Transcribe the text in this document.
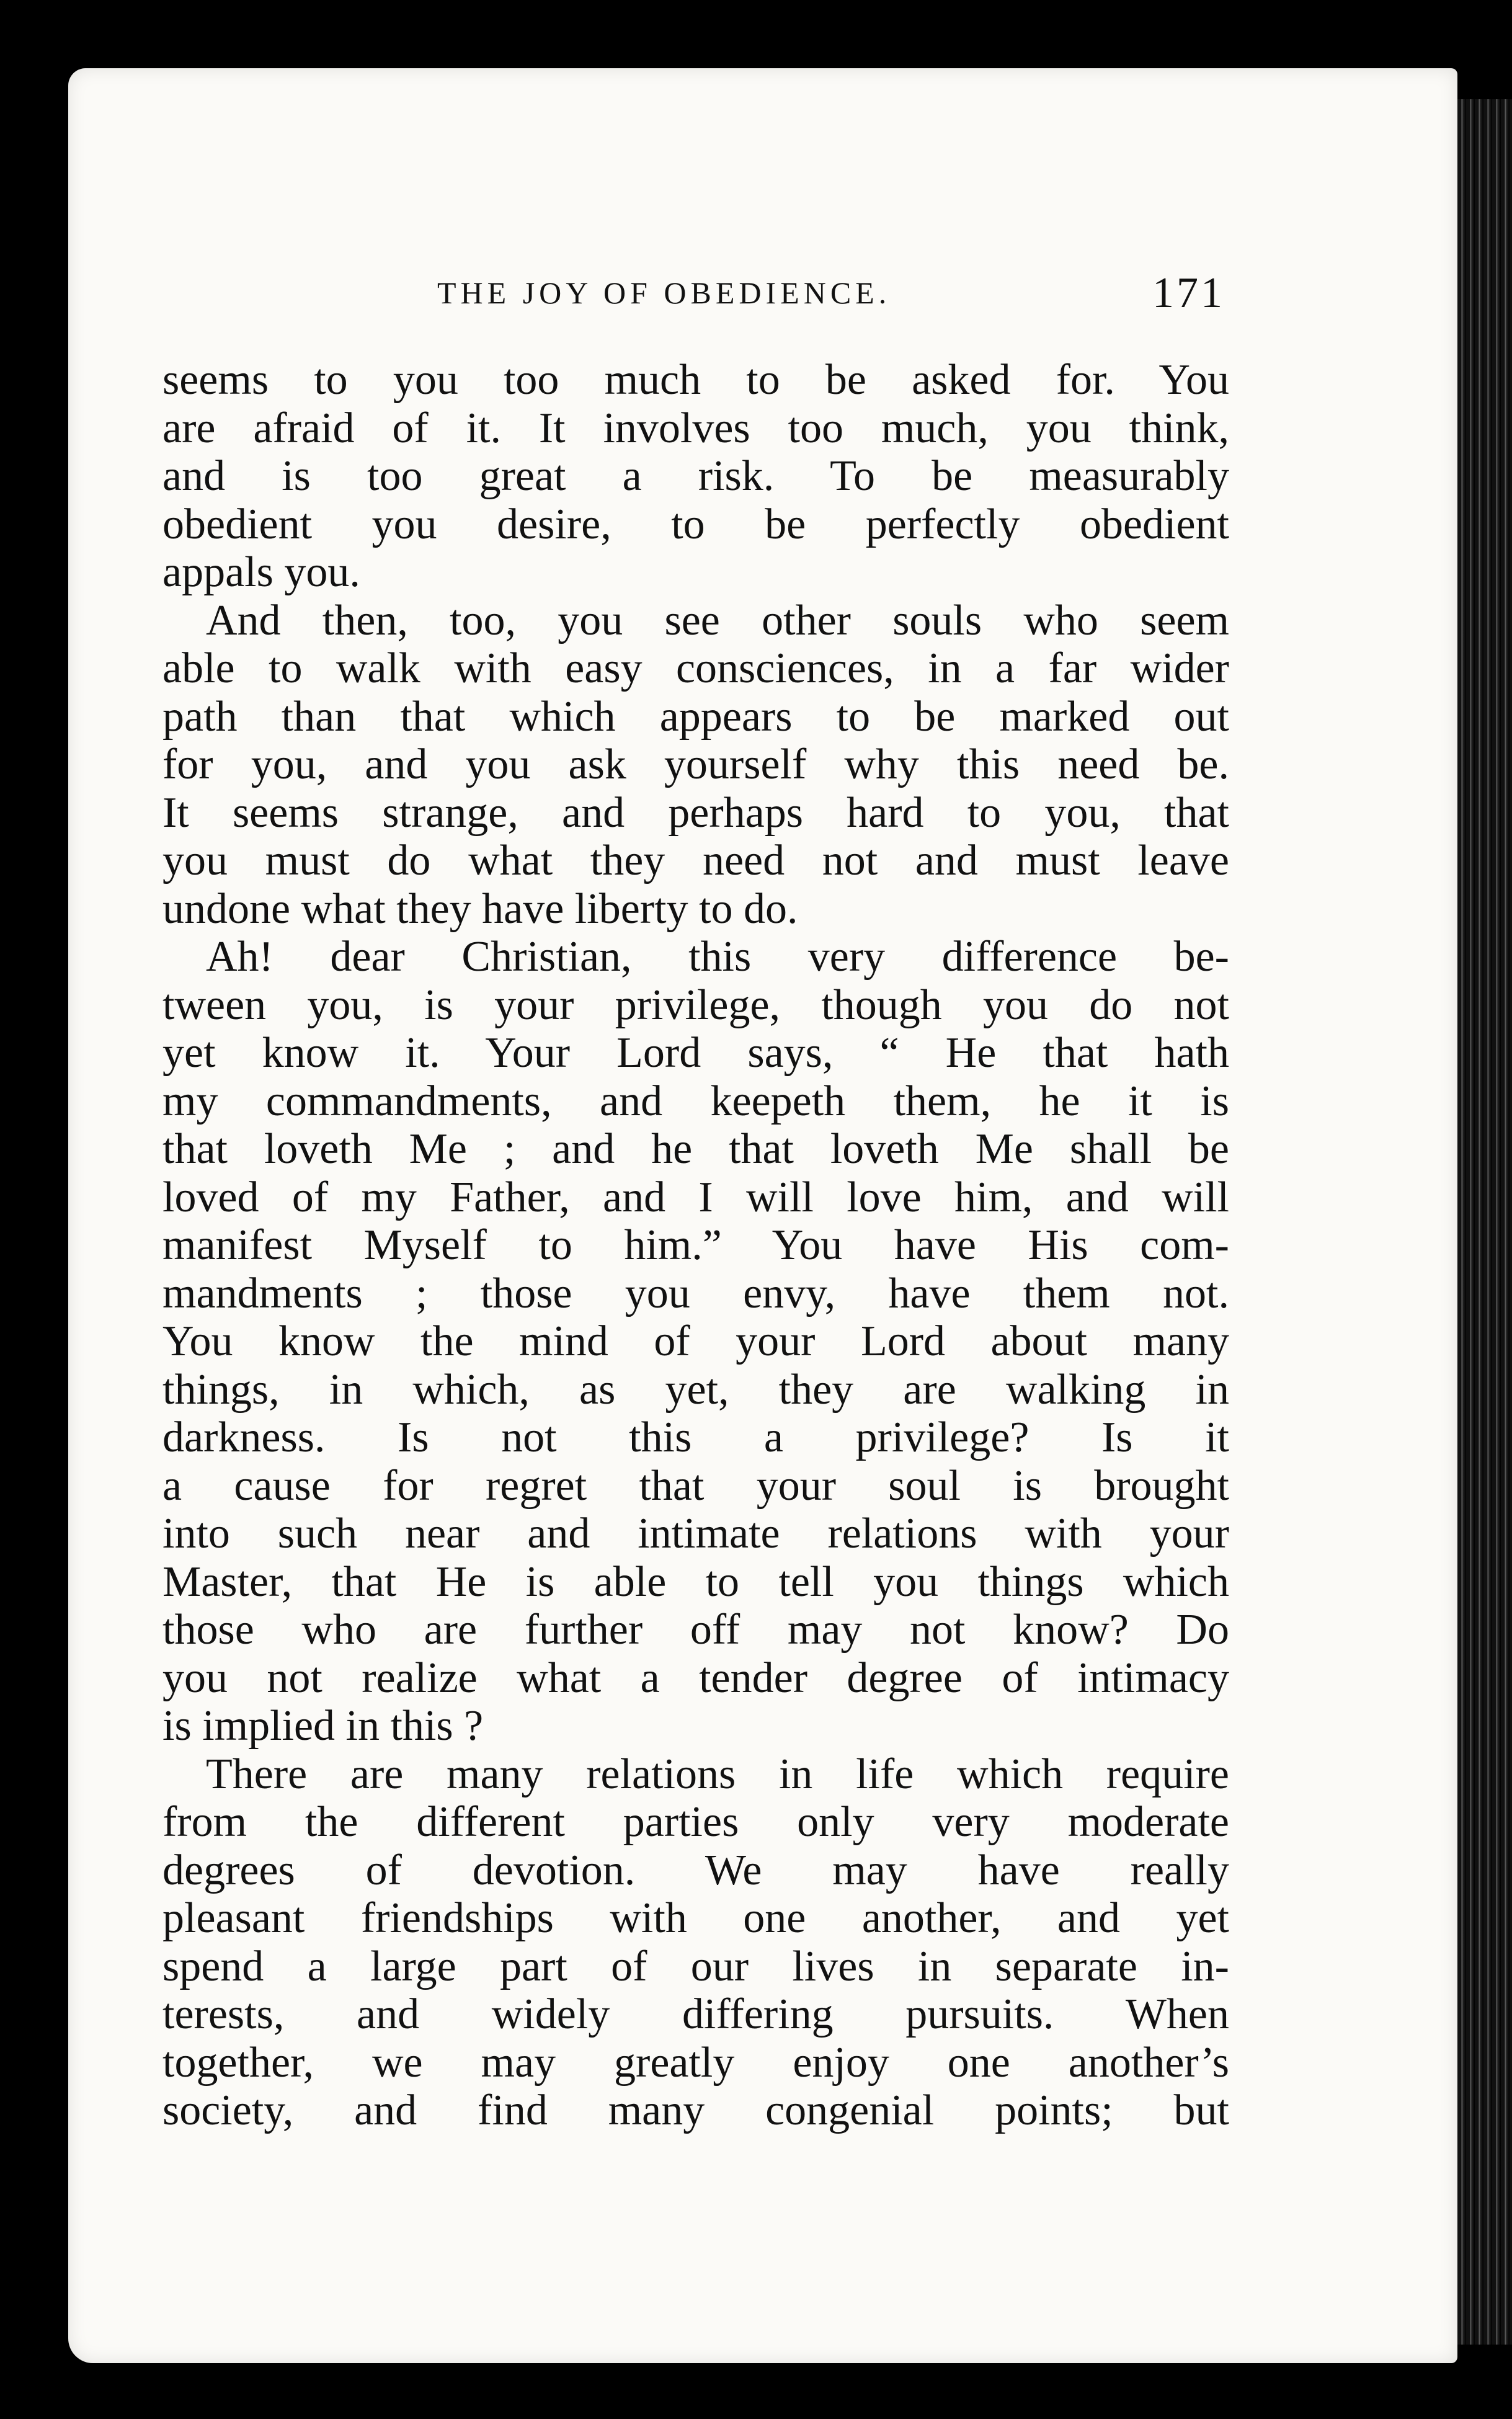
THE JOY OF OBEDIENCE.	171
seems to you too much to be asked for. You
are afraid of it. It involves too much, you think,
and is too great a risk. To be measurably
obedient you desire, to be perfectly obedient
appals you.
And then, too, you see other souls who seem
able to walk with easy consciences, in a far wider
path than that which appears to be marked out
for you, and you ask yourself why this need be.
It seems strange, and perhaps hard to you, that
you must do what they need not and must leave
undone what they have liberty to do.
Ah! dear Christian, this very difference be-
tween you, is your privilege, though you do not
yet know it. Your Lord says, “ He that hath
my commandments, and keepeth them, he it is
that loveth Me ; and he that loveth Me shall be
loved of my Father, and I will love him, and will
manifest Myself to him.” You have His com-
mandments ; those you envy, have them not.
You know the mind of your Lord about many
things, in which, as yet, they are walking in
darkness. Is not this a privilege? Is it
a cause for regret that your soul is brought
into such near and intimate relations with your
Master, that He is able to tell you things which
those who are further off may not know? Do
you not realize what a tender degree of intimacy
is implied in this ?
There are many relations in life which require
from the different parties only very moderate
degrees of devotion. We may have really
pleasant friendships with one another, and yet
spend a large part of our lives in separate in-
terests, and widely differing pursuits. When
together, we may greatly enjoy one another’s
society, and find many congenial points; but
